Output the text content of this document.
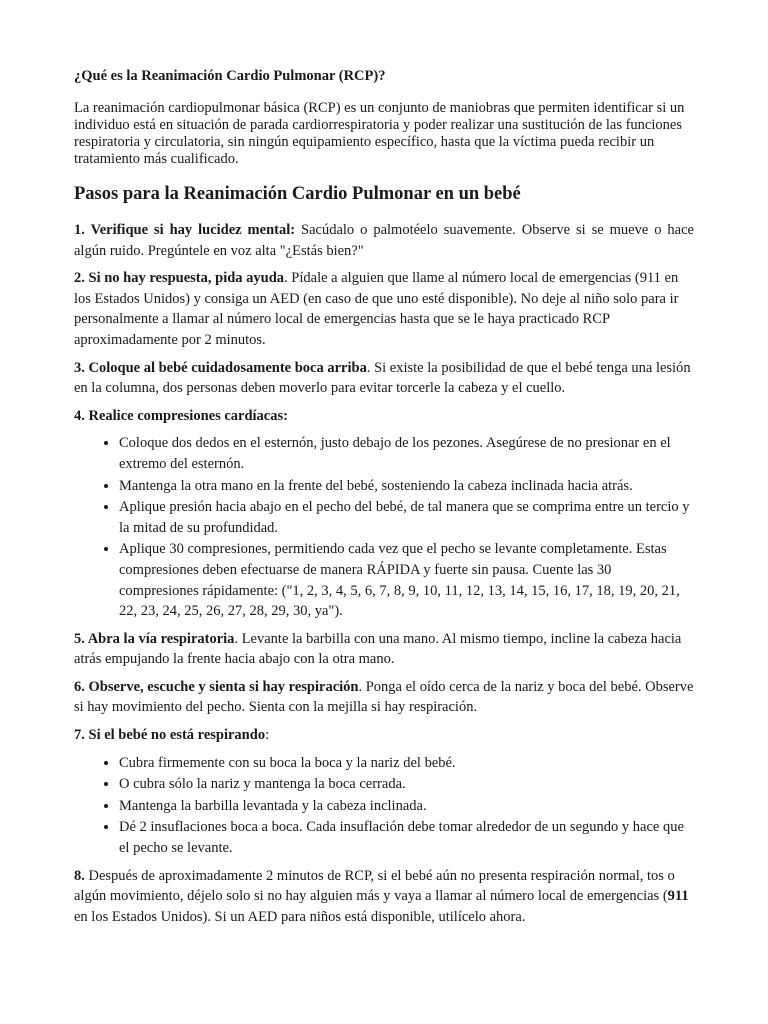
¿Qué es la Reanimación Cardio Pulmonar (RCP)?

La reanimación cardiopulmonar básica (RCP) es un conjunto de maniobras que permiten identificar si un individuo está en situación de parada cardiorrespiratoria y poder realizar una sustitución de las funciones respiratoria y circulatoria, sin ningún equipamiento específico, hasta que la víctima pueda recibir un tratamiento más cualificado.

Pasos para la Reanimación Cardio Pulmonar en un bebé

1. Verifique si hay lucidez mental: Sacúdalo o palmotéelo suavemente. Observe si se mueve o hace algún ruido. Pregúntele en voz alta "¿Estás bien?"

2. Si no hay respuesta, pida ayuda. Pídale a alguien que llame al número local de emergencias (911 en los Estados Unidos) y consiga un AED (en caso de que uno esté disponible). No deje al niño solo para ir personalmente a llamar al número local de emergencias hasta que se le haya practicado RCP aproximadamente por 2 minutos.

3. Coloque al bebé cuidadosamente boca arriba. Si existe la posibilidad de que el bebé tenga una lesión en la columna, dos personas deben moverlo para evitar torcerle la cabeza y el cuello.

4. Realice compresiones cardíacas:

• Coloque dos dedos en el esternón, justo debajo de los pezones. Asegúrese de no presionar en el extremo del esternón.
• Mantenga la otra mano en la frente del bebé, sosteniendo la cabeza inclinada hacia atrás.
• Aplique presión hacia abajo en el pecho del bebé, de tal manera que se comprima entre un tercio y la mitad de su profundidad.
• Aplique 30 compresiones, permitiendo cada vez que el pecho se levante completamente. Estas compresiones deben efectuarse de manera RÁPIDA y fuerte sin pausa. Cuente las 30 compresiones rápidamente: ("1, 2, 3, 4, 5, 6, 7, 8, 9, 10, 11, 12, 13, 14, 15, 16, 17, 18, 19, 20, 21, 22, 23, 24, 25, 26, 27, 28, 29, 30, ya").

5. Abra la vía respiratoria. Levante la barbilla con una mano. Al mismo tiempo, incline la cabeza hacia atrás empujando la frente hacia abajo con la otra mano.

6. Observe, escuche y sienta si hay respiración. Ponga el oído cerca de la nariz y boca del bebé. Observe si hay movimiento del pecho. Sienta con la mejilla si hay respiración.

7. Si el bebé no está respirando:

• Cubra firmemente con su boca la boca y la nariz del bebé.
• O cubra sólo la nariz y mantenga la boca cerrada.
• Mantenga la barbilla levantada y la cabeza inclinada.
• Dé 2 insuflaciones boca a boca. Cada insuflación debe tomar alrededor de un segundo y hace que el pecho se levante.

8. Después de aproximadamente 2 minutos de RCP, si el bebé aún no presenta respiración normal, tos o algún movimiento, déjelo solo si no hay alguien más y vaya a llamar al número local de emergencias (911 en los Estados Unidos). Si un AED para niños está disponible, utilícelo ahora.
